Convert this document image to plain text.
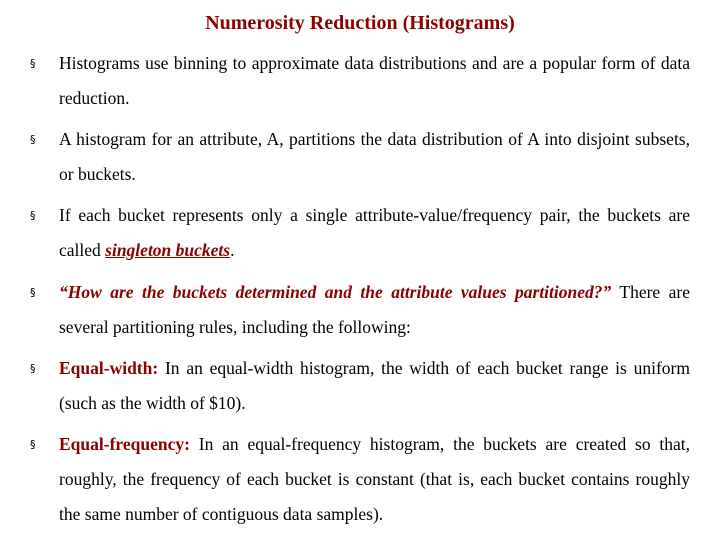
Numerosity Reduction (Histograms)
§ Histograms use binning to approximate data distributions and are a popular form of data reduction.
§ A histogram for an attribute, A, partitions the data distribution of A into disjoint subsets, or buckets.
§ If each bucket represents only a single attribute-value/frequency pair, the buckets are called singleton buckets.
§ “How are the buckets determined and the attribute values partitioned?” There are several partitioning rules, including the following:
§ Equal-width: In an equal-width histogram, the width of each bucket range is uniform (such as the width of $10).
§ Equal-frequency: In an equal-frequency histogram, the buckets are created so that, roughly, the frequency of each bucket is constant (that is, each bucket contains roughly the same number of contiguous data samples).
